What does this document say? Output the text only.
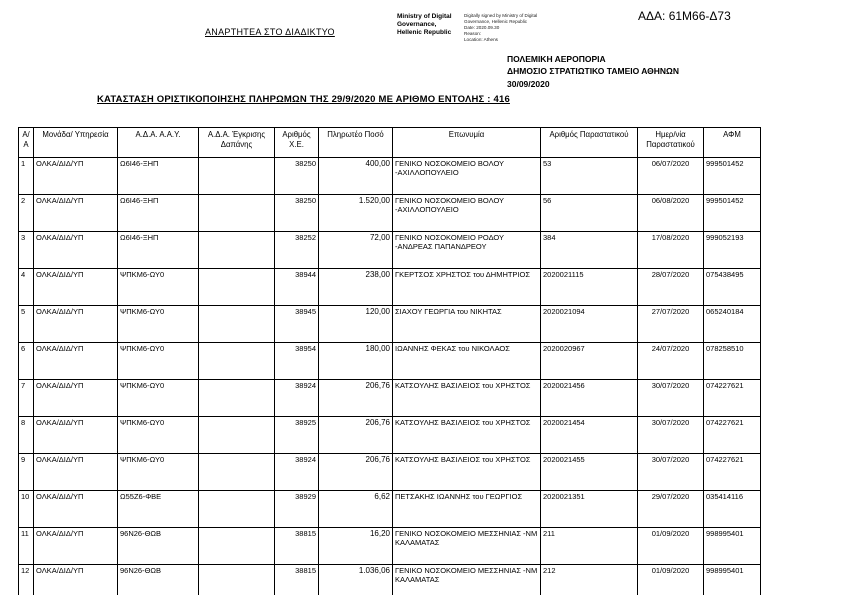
ΑΝΑΡΤΗΤΕΑ ΣΤΟ ΔΙΑΔΙΚΤΥΟ
Ministry of Digital
Governance,
Hellenic Republic
Digitally signed by Ministry of Digital Governance, Hellenic Republic
Date: 2020.09.30
Reason:
Location: Athens
ΑΔΑ: 61Μ66-Δ73
ΠΟΛΕΜΙΚΗ ΑΕΡΟΠΟΡΙΑ
ΔΗΜΟΣΙΟ ΣΤΡΑΤΙΩΤΙΚΟ ΤΑΜΕΙΟ ΑΘΗΝΩΝ
30/09/2020
ΚΑΤΑΣΤΑΣΗ ΟΡΙΣΤΙΚΟΠΟΙΗΣΗΣ ΠΛΗΡΩΜΩΝ ΤΗΣ 29/9/2020 ΜΕ ΑΡΙΘΜΟ ΕΝΤΟΛΗΣ : 416
Α/Α	Μονάδα/ Υπηρεσία	Α.Δ.Α. Α.Α.Υ.	Α.Δ.Α. Έγκρισης Δαπάνης	Αριθμός Χ.Ε.	Πληρωτέο Ποσό	Επωνυμία	Αριθμός Παραστατικού	Ημερ/νία Παραστατικού	ΑΦΜ
1	ΟΛΚΑ/ΔΙΔ/ΥΠ	Ω6Ι46-ΞΗΠ		38250	400,00	ΓΕΝΙΚΟ ΝΟΣΟΚΟΜΕΙΟ ΒΟΛΟΥ -ΑΧΙΛΛΟΠΟΥΛΕΙΟ	53	06/07/2020	999501452
2	ΟΛΚΑ/ΔΙΔ/ΥΠ	Ω6Ι46-ΞΗΠ		38250	1.520,00	ΓΕΝΙΚΟ ΝΟΣΟΚΟΜΕΙΟ ΒΟΛΟΥ -ΑΧΙΛΛΟΠΟΥΛΕΙΟ	56	06/08/2020	999501452
3	ΟΛΚΑ/ΔΙΔ/ΥΠ	Ω6Ι46-ΞΗΠ		38252	72,00	ΓΕΝΙΚΟ ΝΟΣΟΚΟΜΕΙΟ ΡΟΔΟΥ -ΑΝΔΡΕΑΣ ΠΑΠΑΝΔΡΕΟΥ	384	17/08/2020	999052193
4	ΟΛΚΑ/ΔΙΔ/ΥΠ	ΨΠΚΜ6-ΩΥ0		38944	238,00	ΓΚΕΡΤΣΟΣ ΧΡΗΣΤΟΣ του ΔΗΜΗΤΡΙΟΣ	2020021115	28/07/2020	075438495
5	ΟΛΚΑ/ΔΙΔ/ΥΠ	ΨΠΚΜ6-ΩΥ0		38945	120,00	ΣΙΑΧΟΥ ΓΕΩΡΓΙΑ του ΝΙΚΗΤΑΣ	2020021094	27/07/2020	065240184
6	ΟΛΚΑ/ΔΙΔ/ΥΠ	ΨΠΚΜ6-ΩΥ0		38954	180,00	ΙΩΑΝΝΗΣ ΦΕΚΑΣ του ΝΙΚΟΛΑΟΣ	2020020967	24/07/2020	078258510
7	ΟΛΚΑ/ΔΙΔ/ΥΠ	ΨΠΚΜ6-ΩΥ0		38924	206,76	ΚΑΤΣΟΥΛΗΣ ΒΑΣΙΛΕΙΟΣ του ΧΡΗΣΤΟΣ	2020021456	30/07/2020	074227621
8	ΟΛΚΑ/ΔΙΔ/ΥΠ	ΨΠΚΜ6-ΩΥ0		38925	206,76	ΚΑΤΣΟΥΛΗΣ ΒΑΣΙΛΕΙΟΣ του ΧΡΗΣΤΟΣ	2020021454	30/07/2020	074227621
9	ΟΛΚΑ/ΔΙΔ/ΥΠ	ΨΠΚΜ6-ΩΥ0		38924	206,76	ΚΑΤΣΟΥΛΗΣ ΒΑΣΙΛΕΙΟΣ του ΧΡΗΣΤΟΣ	2020021455	30/07/2020	074227621
10	ΟΛΚΑ/ΔΙΔ/ΥΠ	Ω55Ζ6-ΦΒΕ		38929	6,62	ΠΕΤΣΑΚΗΣ ΙΩΑΝΝΗΣ του ΓΕΩΡΓΙΟΣ	2020021351	29/07/2020	035414116
11	ΟΛΚΑ/ΔΙΔ/ΥΠ	96Ν26-ΘΩΒ		38815	16,20	ΓΕΝΙΚΟ ΝΟΣΟΚΟΜΕΙΟ ΜΕΣΣΗΝΙΑΣ -ΝΜ ΚΑΛΑΜΑΤΑΣ	211	01/09/2020	998995401
12	ΟΛΚΑ/ΔΙΔ/ΥΠ	96Ν26-ΘΩΒ		38815	1.036,06	ΓΕΝΙΚΟ ΝΟΣΟΚΟΜΕΙΟ ΜΕΣΣΗΝΙΑΣ -ΝΜ ΚΑΛΑΜΑΤΑΣ	212	01/09/2020	998995401
